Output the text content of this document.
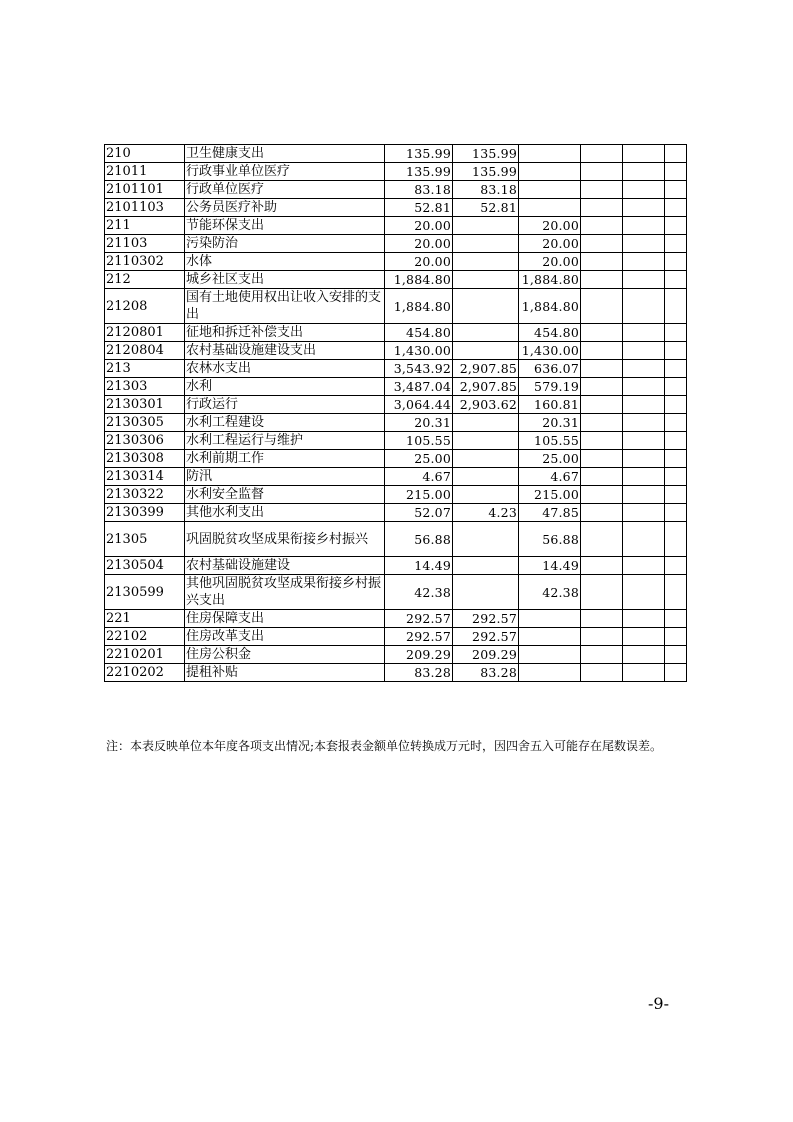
210	卫生健康支出	135.99	135.99				
21011	行政事业单位医疗	135.99	135.99				
2101101	行政单位医疗	83.18	83.18				
2101103	公务员医疗补助	52.81	52.81				
211	节能环保支出	20.00		20.00			
21103	污染防治	20.00		20.00			
2110302	水体	20.00		20.00			
212	城乡社区支出	1,884.80		1,884.80			
21208	国有土地使用权出让收入安排的支出	1,884.80		1,884.80			
2120801	征地和拆迁补偿支出	454.80		454.80			
2120804	农村基础设施建设支出	1,430.00		1,430.00			
213	农林水支出	3,543.92	2,907.85	636.07			
21303	水利	3,487.04	2,907.85	579.19			
2130301	行政运行	3,064.44	2,903.62	160.81			
2130305	水利工程建设	20.31		20.31			
2130306	水利工程运行与维护	105.55		105.55			
2130308	水利前期工作	25.00		25.00			
2130314	防汛	4.67		4.67			
2130322	水利安全监督	215.00		215.00			
2130399	其他水利支出	52.07	4.23	47.85			
21305	巩固脱贫攻坚成果衔接乡村振兴	56.88		56.88			
2130504	农村基础设施建设	14.49		14.49			
2130599	其他巩固脱贫攻坚成果衔接乡村振兴支出	42.38		42.38			
221	住房保障支出	292.57	292.57				
22102	住房改革支出	292.57	292.57				
2210201	住房公积金	209.29	209.29				
2210202	提租补贴	83.28	83.28				
注：本表反映单位本年度各项支出情况;本套报表金额单位转换成万元时，因四舍五入可能存在尾数误差。
-9-
